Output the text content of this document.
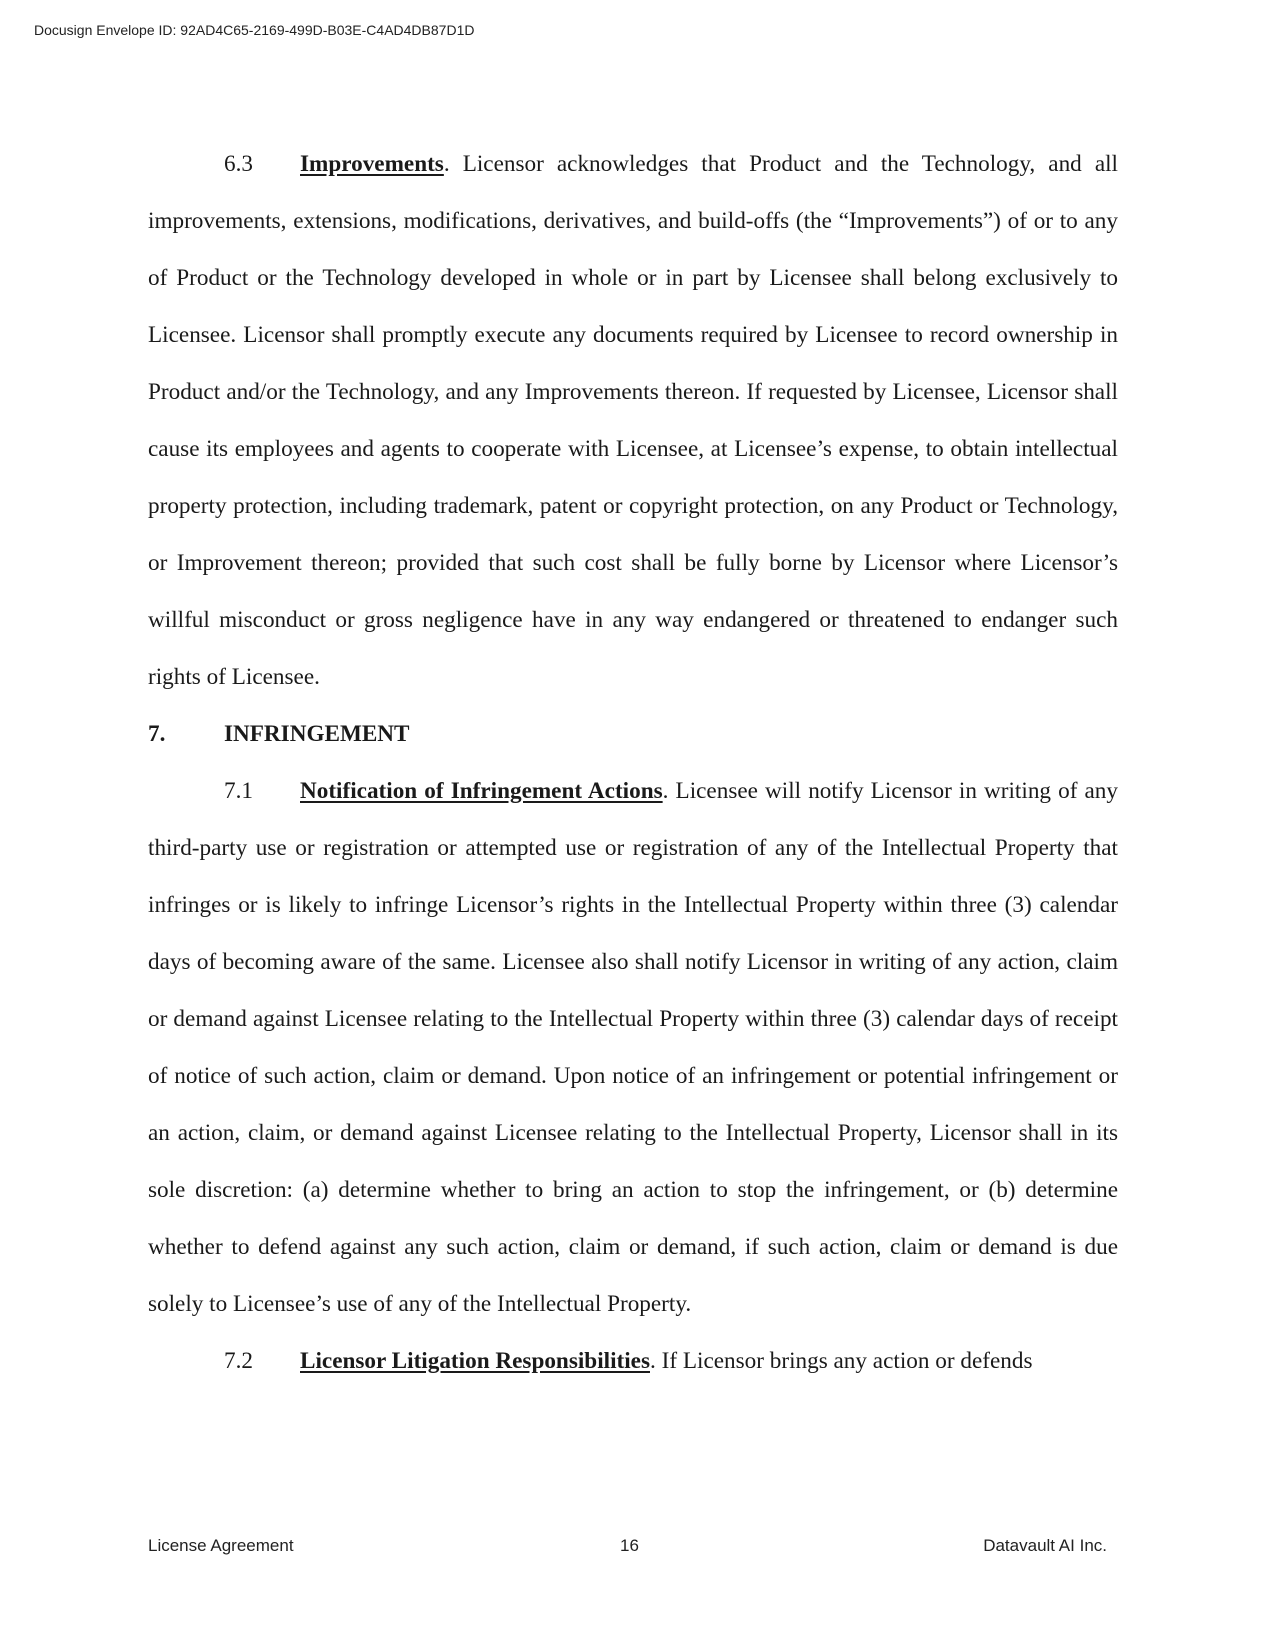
Docusign Envelope ID: 92AD4C65-2169-499D-B03E-C4AD4DB87D1D

6.3 Improvements. Licensor acknowledges that Product and the Technology, and all improvements, extensions, modifications, derivatives, and build-offs (the “Improvements”) of or to any of Product or the Technology developed in whole or in part by Licensee shall belong exclusively to Licensee. Licensor shall promptly execute any documents required by Licensee to record ownership in Product and/or the Technology, and any Improvements thereon. If requested by Licensee, Licensor shall cause its employees and agents to cooperate with Licensee, at Licensee’s expense, to obtain intellectual property protection, including trademark, patent or copyright protection, on any Product or Technology, or Improvement thereon; provided that such cost shall be fully borne by Licensor where Licensor’s willful misconduct or gross negligence have in any way endangered or threatened to endanger such rights of Licensee.

7.	INFRINGEMENT

7.1 Notification of Infringement Actions. Licensee will notify Licensor in writing of any third-party use or registration or attempted use or registration of any of the Intellectual Property that infringes or is likely to infringe Licensor’s rights in the Intellectual Property within three (3) calendar days of becoming aware of the same. Licensee also shall notify Licensor in writing of any action, claim or demand against Licensee relating to the Intellectual Property within three (3) calendar days of receipt of notice of such action, claim or demand. Upon notice of an infringement or potential infringement or an action, claim, or demand against Licensee relating to the Intellectual Property, Licensor shall in its sole discretion: (a) determine whether to bring an action to stop the infringement, or (b) determine whether to defend against any such action, claim or demand, if such action, claim or demand is due solely to Licensee’s use of any of the Intellectual Property.

7.2 Licensor Litigation Responsibilities. If Licensor brings any action or defends

License Agreement	16	Datavault AI Inc.
